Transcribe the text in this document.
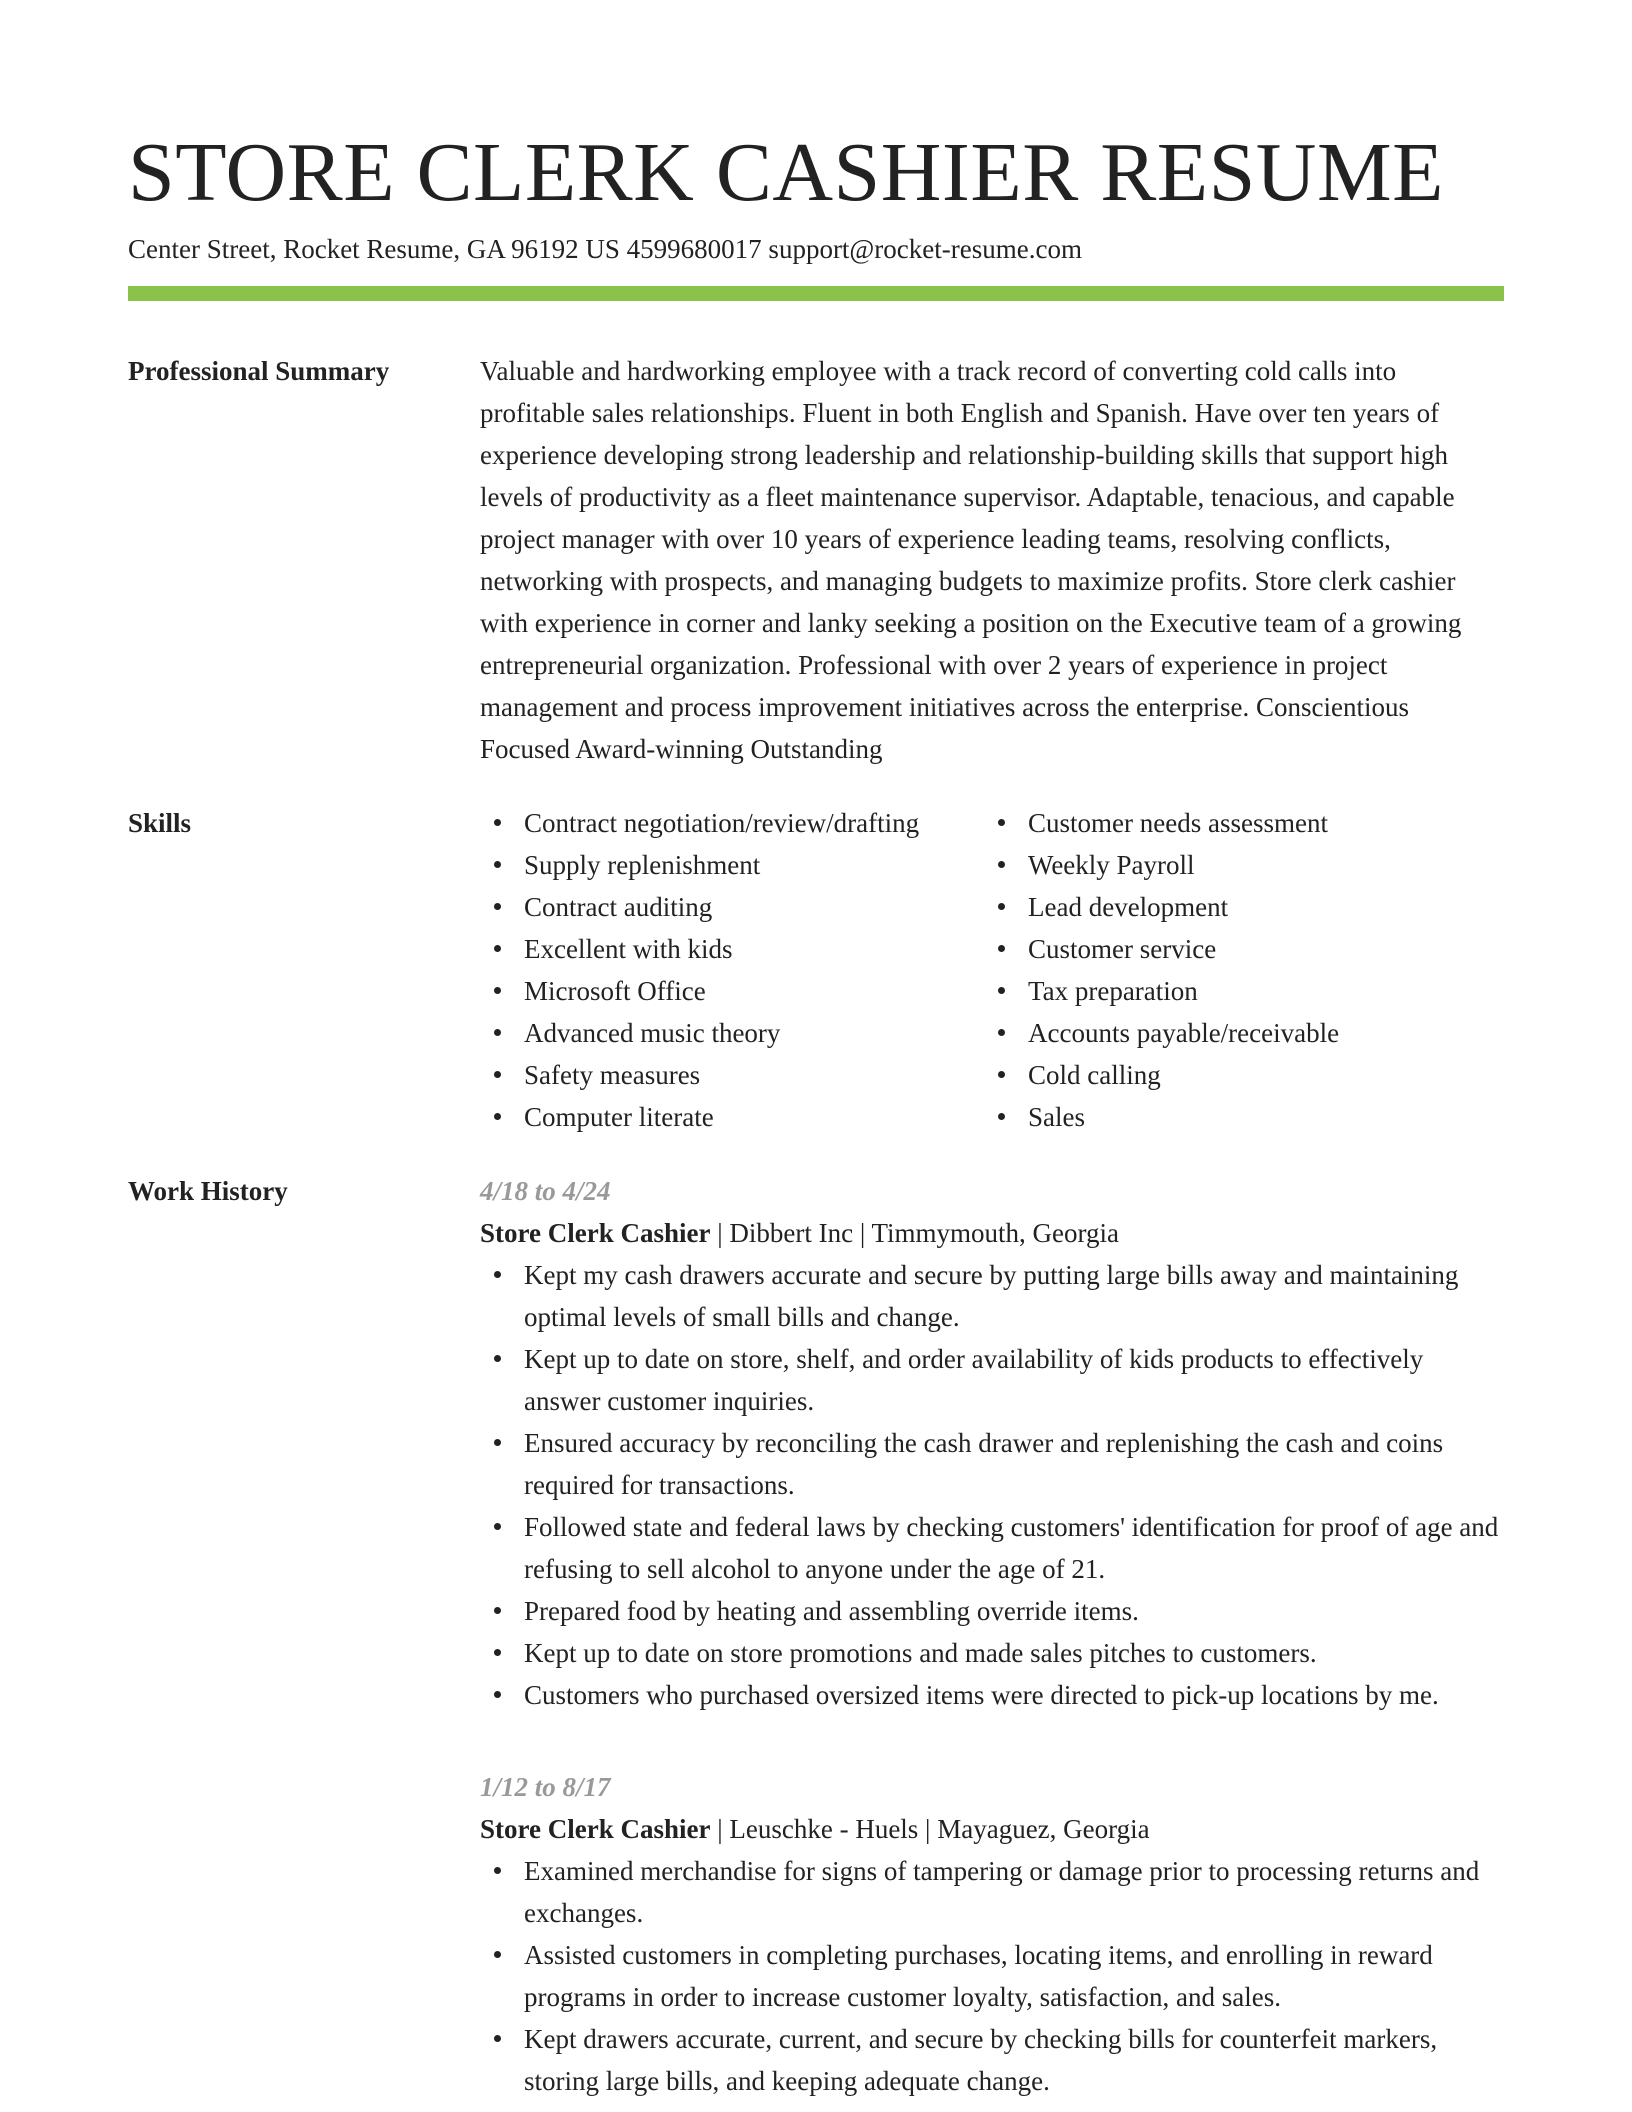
STORE CLERK CASHIER RESUME
Center Street, Rocket Resume, GA 96192 US 4599680017 support@rocket-resume.com
Professional Summary	Valuable and hardworking employee with a track record of converting cold calls into profitable sales relationships. Fluent in both English and Spanish. Have over ten years of experience developing strong leadership and relationship-building skills that support high levels of productivity as a fleet maintenance supervisor. Adaptable, tenacious, and capable project manager with over 10 years of experience leading teams, resolving conflicts, networking with prospects, and managing budgets to maximize profits. Store clerk cashier with experience in corner and lanky seeking a position on the Executive team of a growing entrepreneurial organization. Professional with over 2 years of experience in project management and process improvement initiatives across the enterprise. Conscientious Focused Award-winning Outstanding

Skills	Contract negotiation/review/drafting
Supply replenishment
Contract auditing
Excellent with kids
Microsoft Office
Advanced music theory
Safety measures
Computer literate
Customer needs assessment
Weekly Payroll
Lead development
Customer service
Tax preparation
Accounts payable/receivable
Cold calling
Sales
Work History	4/18 to 4/24
Store Clerk Cashier | Dibbert Inc | Timmymouth, Georgia
Kept my cash drawers accurate and secure by putting large bills away and maintaining optimal levels of small bills and change.
Kept up to date on store, shelf, and order availability of kids products to effectively answer customer inquiries.
Ensured accuracy by reconciling the cash drawer and replenishing the cash and coins required for transactions.
Followed state and federal laws by checking customers' identification for proof of age and refusing to sell alcohol to anyone under the age of 21.
Prepared food by heating and assembling override items.
Kept up to date on store promotions and made sales pitches to customers.
Customers who purchased oversized items were directed to pick-up locations by me.
1/12 to 8/17
Store Clerk Cashier | Leuschke - Huels | Mayaguez, Georgia
Examined merchandise for signs of tampering or damage prior to processing returns and exchanges.
Assisted customers in completing purchases, locating items, and enrolling in reward programs in order to increase customer loyalty, satisfaction, and sales.
Kept drawers accurate, current, and secure by checking bills for counterfeit markers, storing large bills, and keeping adequate change.
